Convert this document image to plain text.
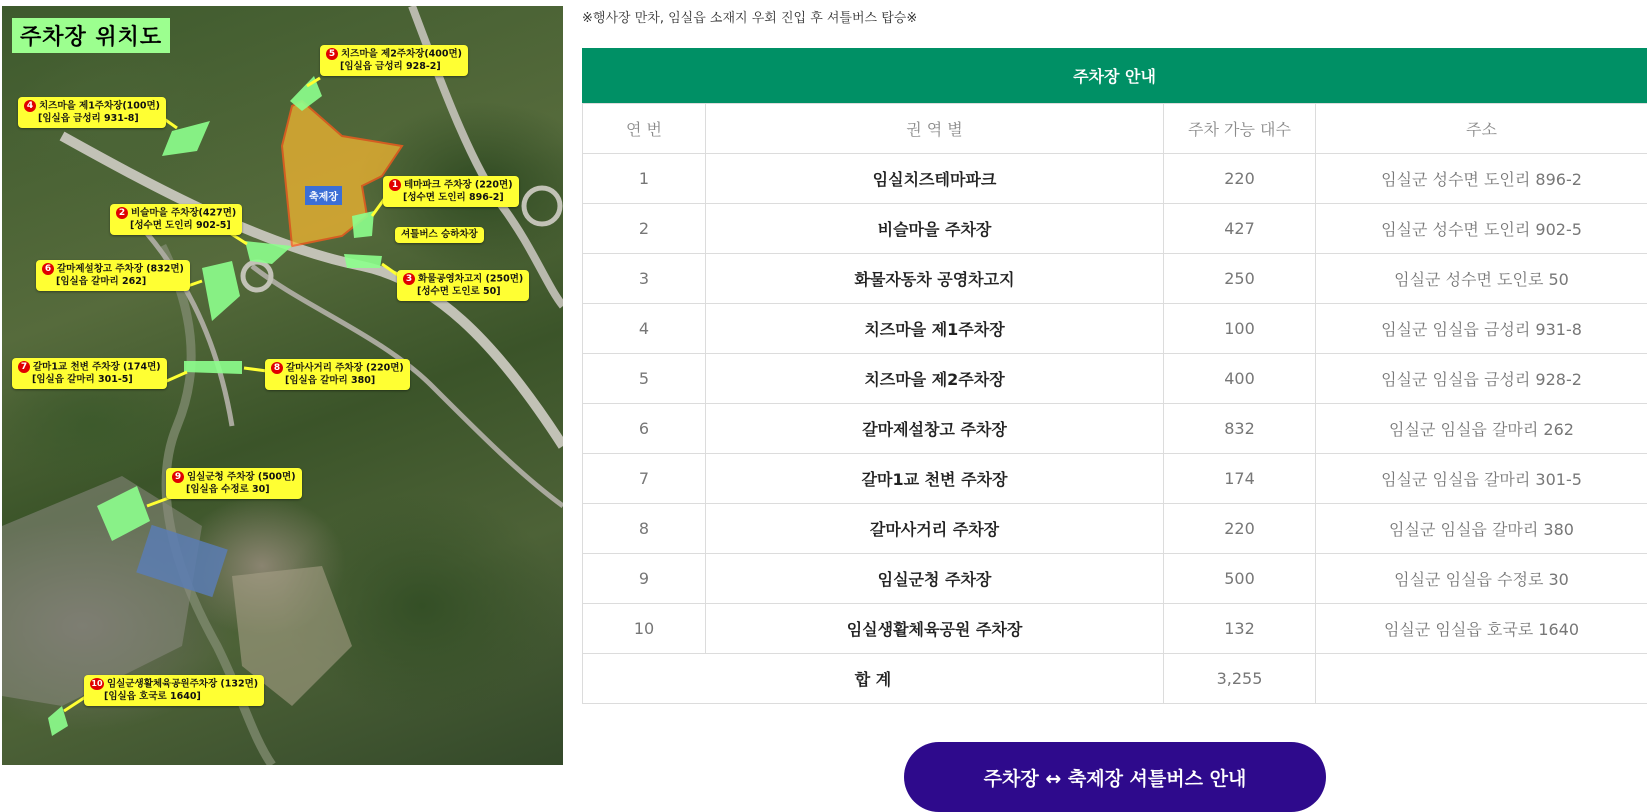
주차장 위치도
축제장
5 치즈마을 제2주차장(400면)
[임실읍 금성리 928-2]
4 치즈마을 제1주차장(100면)
[임실읍 금성리 931-8]
1 테마파크 주차장 (220면)
[성수면 도인리 896-2]
2 비슬마을 주차장(427면)
[성수면 도인리 902-5]
셔틀버스 승하차장
6 갈마제설창고 주차장 (832면)
[임실읍 갈마리 262]	3 화물공영차고지 (250면)
[성수면 도인로 50]
7 갈마1교 천변 주차장 (174면)
[임실읍 갈마리 301-5]
8 갈마사거리 주차장 (220면)
[임실읍 갈마리 380]
9 임실군청 주차장 (500면)
[임실읍 수정로 30]
10 임실군생활체육공원주차장 (132면)
[임실읍 호국로 1640]
※행사장 만차, 임실읍 소재지 우회 진입 후 셔틀버스 탑승※
주차장 안내
연 번	권 역 별	주차 가능 대수	주소
1	임실치즈테마파크	220	임실군 성수면 도인리 896-2
2	비슬마을 주차장	427	임실군 성수면 도인리 902-5
3	화물자동차 공영차고지	250	임실군 성수면 도인로 50
4	치즈마을 제1주차장	100	임실군 임실읍 금성리 931-8
5	치즈마을 제2주차장	400	임실군 임실읍 금성리 928-2
6	갈마제설창고 주차장	832	임실군 임실읍 갈마리 262
7	갈마1교 천변 주차장	174	임실군 임실읍 갈마리 301-5
8	갈마사거리 주차장	220	임실군 임실읍 갈마리 380
9	임실군청 주차장	500	임실군 임실읍 수정로 30
10	임실생활체육공원 주차장	132	임실군 임실읍 호국로 1640
합 계		3,255	
주차장 ↔ 축제장 셔틀버스 안내
